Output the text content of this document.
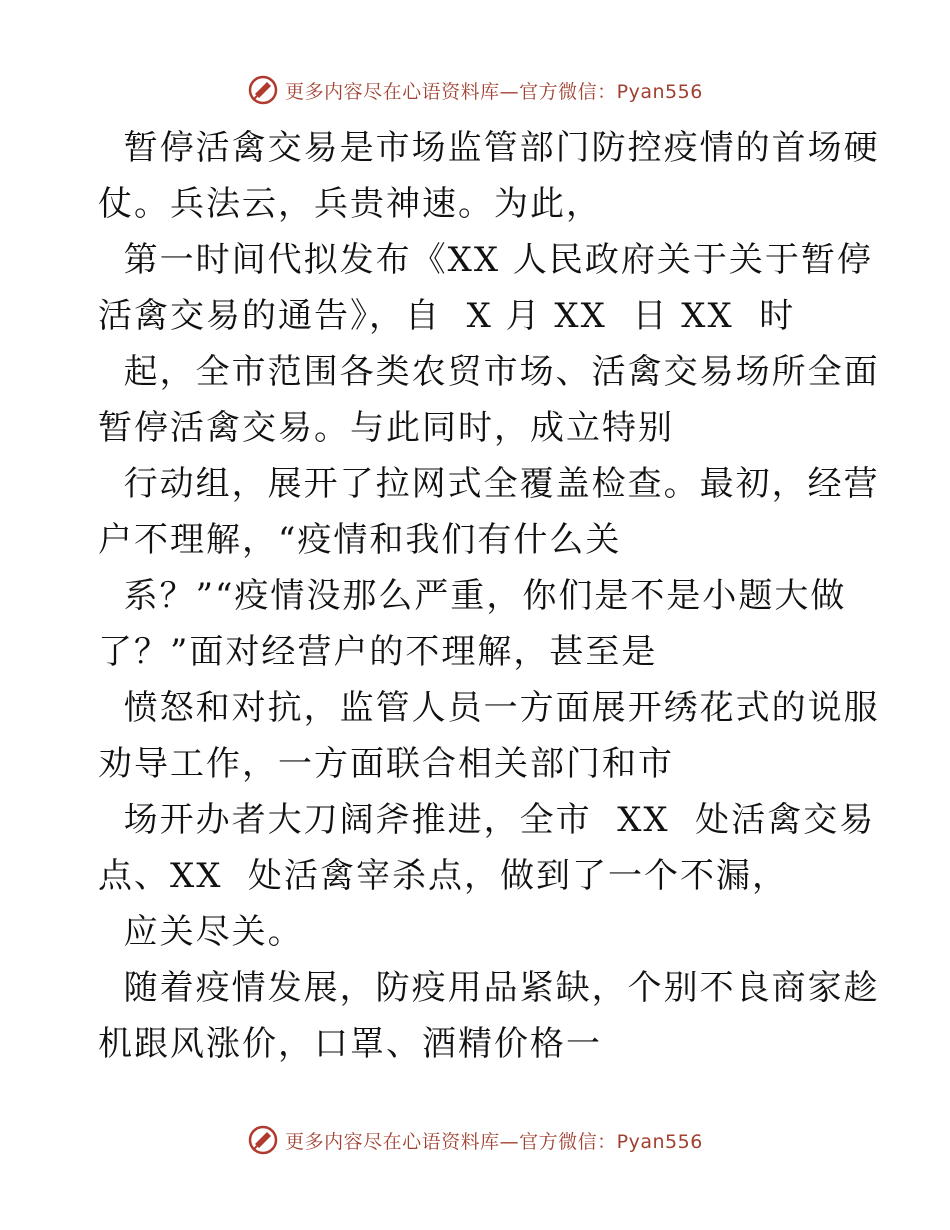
更多内容尽在心语资料库—官方微信：Pyan556

暂停活禽交易是市场监管部门防控疫情的首场硬
仗。兵法云，兵贵神速。为此，

第一时间代拟发布《XX 人民政府关于关于暂停
活禽交易的通告》，自  X 月 XX  日 XX  时

起，全市范围各类农贸市场、活禽交易场所全面
暂停活禽交易。与此同时，成立特别

行动组，展开了拉网式全覆盖检查。最初，经营
户不理解，“疫情和我们有什么关

系？”“疫情没那么严重，你们是不是小题大做
了？”面对经营户的不理解，甚至是

愤怒和对抗，监管人员一方面展开绣花式的说服
劝导工作，一方面联合相关部门和市

场开办者大刀阔斧推进，全市  XX  处活禽交易
点、XX  处活禽宰杀点，做到了一个不漏，

应关尽关。

随着疫情发展，防疫用品紧缺，个别不良商家趁
机跟风涨价，口罩、酒精价格一

更多内容尽在心语资料库—官方微信：Pyan556
